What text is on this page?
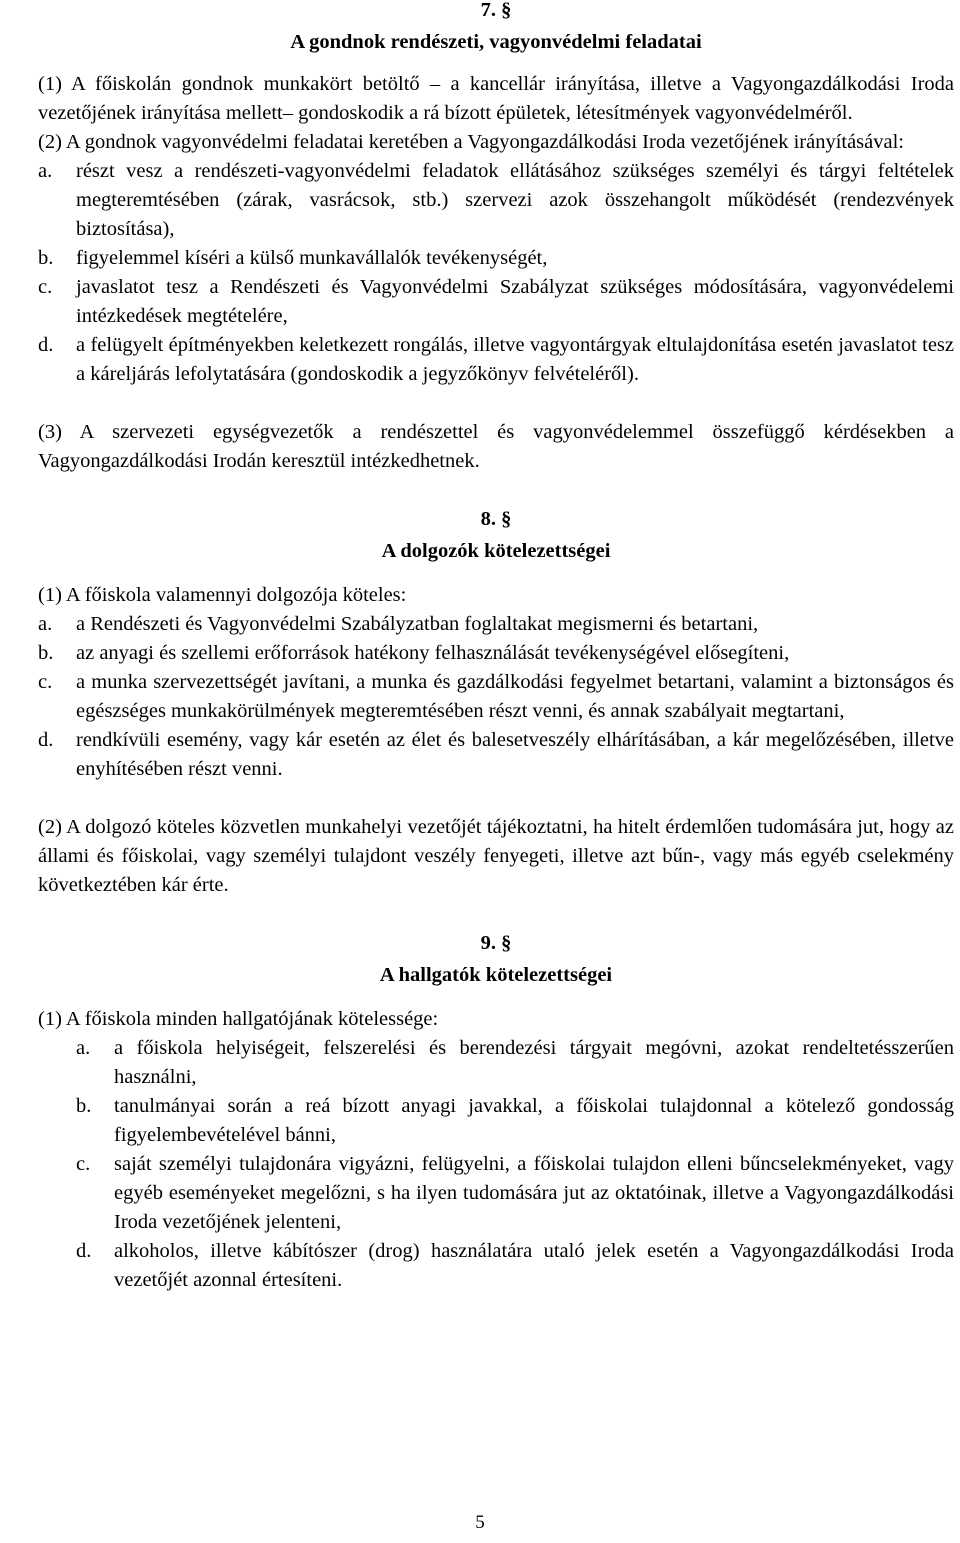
7. §

A gondnok rendészeti, vagyonvédelmi feladatai

(1) A főiskolán gondnok munkakört betöltő – a kancellár irányítása, illetve a Vagyongazdálkodási Iroda vezetőjének irányítása mellett– gondoskodik a rá bízott épületek, létesítmények vagyonvédelméről.

(2) A gondnok vagyonvédelmi feladatai keretében a Vagyongazdálkodási Iroda vezetőjének irányításával:

a.	részt vesz a rendészeti-vagyonvédelmi feladatok ellátásához szükséges személyi és tárgyi feltételek megteremtésében (zárak, vasrácsok, stb.) szervezi azok összehangolt működését (rendezvények biztosítása),
b.	figyelemmel kíséri a külső munkavállalók tevékenységét,
c.	javaslatot tesz a Rendészeti és Vagyonvédelmi Szabályzat szükséges módosítására, vagyonvédelemi intézkedések megtételére,
d.	a felügyelt építményekben keletkezett rongálás, illetve vagyontárgyak eltulajdonítása esetén javaslatot tesz a káreljárás lefolytatására (gondoskodik a jegyzőkönyv felvételéről).

(3) A szervezeti egységvezetők a rendészettel és vagyonvédelemmel összefüggő kérdésekben a Vagyongazdálkodási Irodán keresztül intézkedhetnek.

8. §

A dolgozók kötelezettségei

(1) A főiskola valamennyi dolgozója köteles:

a.	a Rendészeti és Vagyonvédelmi Szabályzatban foglaltakat megismerni és betartani,
b.	az anyagi és szellemi erőforrások hatékony felhasználását tevékenységével elősegíteni,
c.	a munka szervezettségét javítani, a munka és gazdálkodási fegyelmet betartani, valamint a biztonságos és egészséges munkakörülmények megteremtésében részt venni, és annak szabályait megtartani,
d.	rendkívüli esemény, vagy kár esetén az élet és balesetveszély elhárításában, a kár megelőzésében, illetve enyhítésében részt venni.

(2) A dolgozó köteles közvetlen munkahelyi vezetőjét tájékoztatni, ha hitelt érdemlően tudomására jut, hogy az állami és főiskolai, vagy személyi tulajdont veszély fenyegeti, illetve azt bűn-, vagy más egyéb cselekmény következtében kár érte.

9. §

A hallgatók kötelezettségei

(1) A főiskola minden hallgatójának kötelessége:

a.	a főiskola helyiségeit, felszerelési és berendezési tárgyait megóvni, azokat rendeltetésszerűen használni,
b.	tanulmányai során a reá bízott anyagi javakkal, a főiskolai tulajdonnal a kötelező gondosság figyelembevételével bánni,
c.	saját személyi tulajdonára vigyázni, felügyelni, a főiskolai tulajdon elleni bűncselekményeket, vagy egyéb eseményeket megelőzni, s ha ilyen tudomására jut az oktatóinak, illetve a Vagyongazdálkodási Iroda vezetőjének jelenteni,
d.	alkoholos, illetve kábítószer (drog) használatára utaló jelek esetén a Vagyongazdálkodási Iroda vezetőjét azonnal értesíteni.
5
